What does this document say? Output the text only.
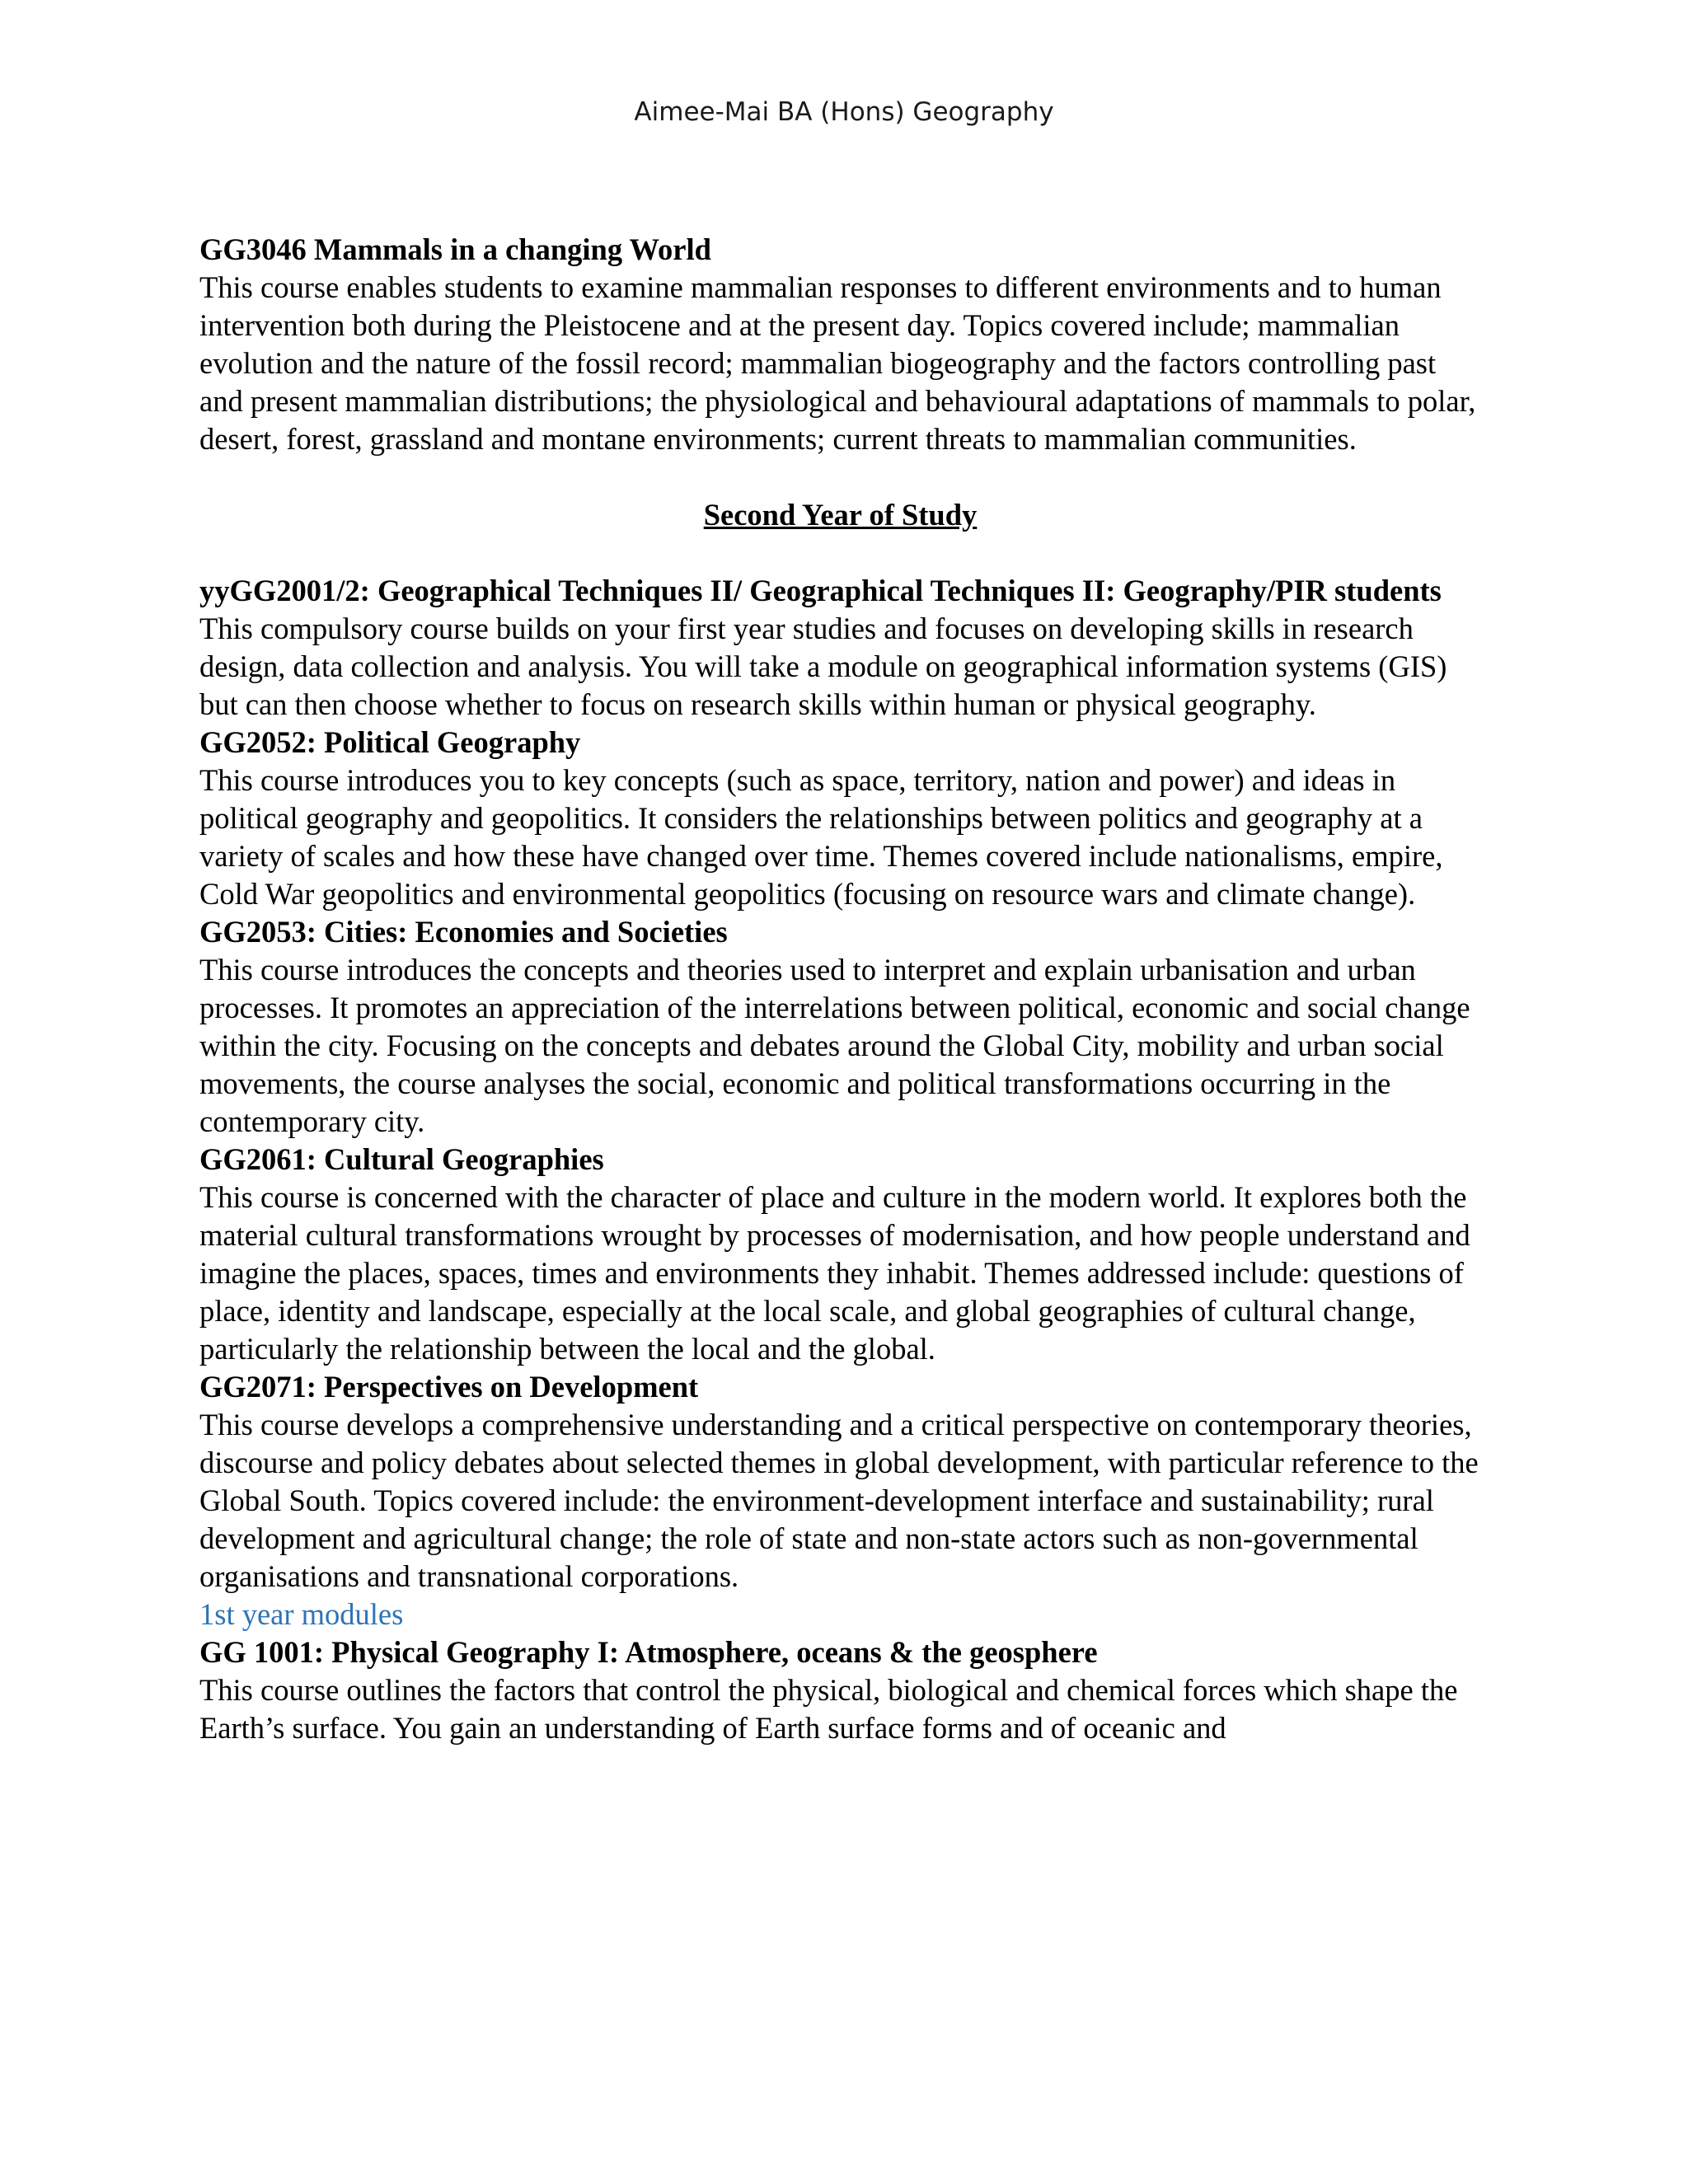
Aimee-Mai BA (Hons) Geography

GG3046 Mammals in a changing World

This course enables students to examine mammalian responses to different environments and to human intervention both during the Pleistocene and at the present day. Topics covered include; mammalian evolution and the nature of the fossil record; mammalian biogeography and the factors controlling past and present mammalian distributions; the physiological and behavioural adaptations of mammals to polar, desert, forest, grassland and montane environments; current threats to mammalian communities.

Second Year of Study

yyGG2001/2: Geographical Techniques II/ Geographical Techniques II: Geography/PIR students

This compulsory course builds on your first year studies and focuses on developing skills in research design, data collection and analysis. You will take a module on geographical information systems (GIS) but can then choose whether to focus on research skills within human or physical geography.

GG2052: Political Geography

This course introduces you to key concepts (such as space, territory, nation and power) and ideas in political geography and geopolitics. It considers the relationships between politics and geography at a variety of scales and how these have changed over time. Themes covered include nationalisms, empire, Cold War geopolitics and environmental geopolitics (focusing on resource wars and climate change).

GG2053: Cities: Economies and Societies

This course introduces the concepts and theories used to interpret and explain urbanisation and urban processes. It promotes an appreciation of the interrelations between political, economic and social change within the city. Focusing on the concepts and debates around the Global City, mobility and urban social movements, the course analyses the social, economic and political transformations occurring in the contemporary city.

GG2061: Cultural Geographies

This course is concerned with the character of place and culture in the modern world. It explores both the material cultural transformations wrought by processes of modernisation, and how people understand and imagine the places, spaces, times and environments they inhabit. Themes addressed include: questions of place, identity and landscape, especially at the local scale, and global geographies of cultural change, particularly the relationship between the local and the global.

GG2071: Perspectives on Development

This course develops a comprehensive understanding and a critical perspective on contemporary theories, discourse and policy debates about selected themes in global development, with particular reference to the Global South. Topics covered include: the environment-development interface and sustainability; rural development and agricultural change; the role of state and non-state actors such as non-governmental organisations and transnational corporations.

1st year modules

GG 1001: Physical Geography I: Atmosphere, oceans & the geosphere

This course outlines the factors that control the physical, biological and chemical forces which shape the Earth’s surface. You gain an understanding of Earth surface forms and of oceanic and
